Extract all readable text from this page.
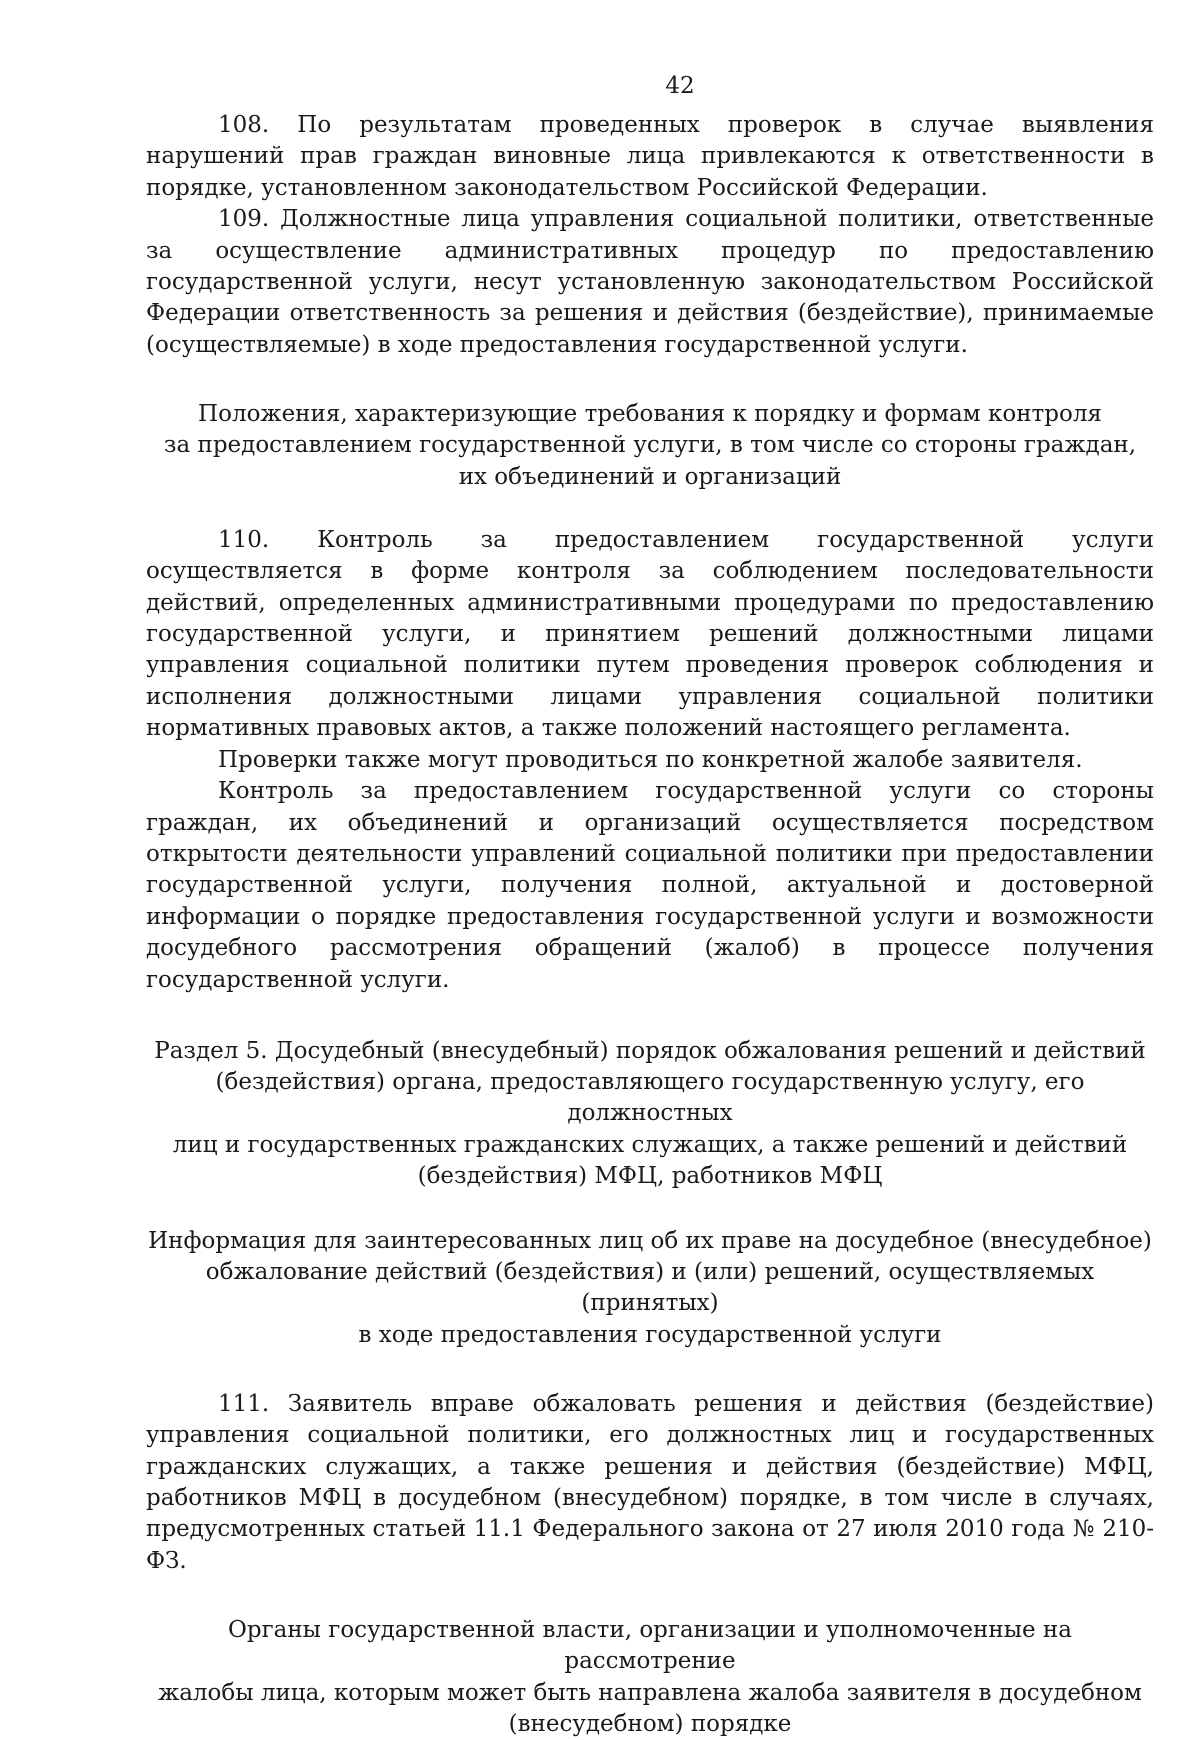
42

108. По результатам проведенных проверок в случае выявления нарушений прав граждан виновные лица привлекаются к ответственности в порядке, установленном законодательством Российской Федерации.

109. Должностные лица управления социальной политики, ответственные за осуществление административных процедур по предоставлению государственной услуги, несут установленную законодательством Российской Федерации ответственность за решения и действия (бездействие), принимаемые (осуществляемые) в ходе предоставления государственной услуги.

Положения, характеризующие требования к порядку и формам контроля

за предоставлением государственной услуги, в том числе со стороны граждан,

их объединений и организаций

110. Контроль за предоставлением государственной услуги осуществляется в форме контроля за соблюдением последовательности действий, определенных административными процедурами по предоставлению государственной услуги, и принятием решений должностными лицами управления социальной политики путем проведения проверок соблюдения и исполнения должностными лицами управления социальной политики нормативных правовых актов, а также положений настоящего регламента.

Проверки также могут проводиться по конкретной жалобе заявителя.

Контроль за предоставлением государственной услуги со стороны граждан, их объединений и организаций осуществляется посредством открытости деятельности управлений социальной политики при предоставлении государственной услуги, получения полной, актуальной и достоверной информации о порядке предоставления государственной услуги и возможности досудебного рассмотрения обращений (жалоб) в процессе получения государственной услуги.

Раздел 5. Досудебный (внесудебный) порядок обжалования решений и действий

(бездействия) органа, предоставляющего государственную услугу, его должностных

лиц и государственных гражданских служащих, а также решений и действий

(бездействия) МФЦ, работников МФЦ

Информация для заинтересованных лиц об их праве на досудебное (внесудебное)

обжалование действий (бездействия) и (или) решений, осуществляемых (принятых)

в ходе предоставления государственной услуги

111. Заявитель вправе обжаловать решения и действия (бездействие) управления социальной политики, его должностных лиц и государственных гражданских служащих, а также решения и действия (бездействие) МФЦ, работников МФЦ в досудебном (внесудебном) порядке, в том числе в случаях, предусмотренных статьей 11.1 Федерального закона от 27 июля 2010 года № 210-ФЗ.

Органы государственной власти, организации и уполномоченные на рассмотрение

жалобы лица, которым может быть направлена жалоба заявителя в досудебном

(внесудебном) порядке
